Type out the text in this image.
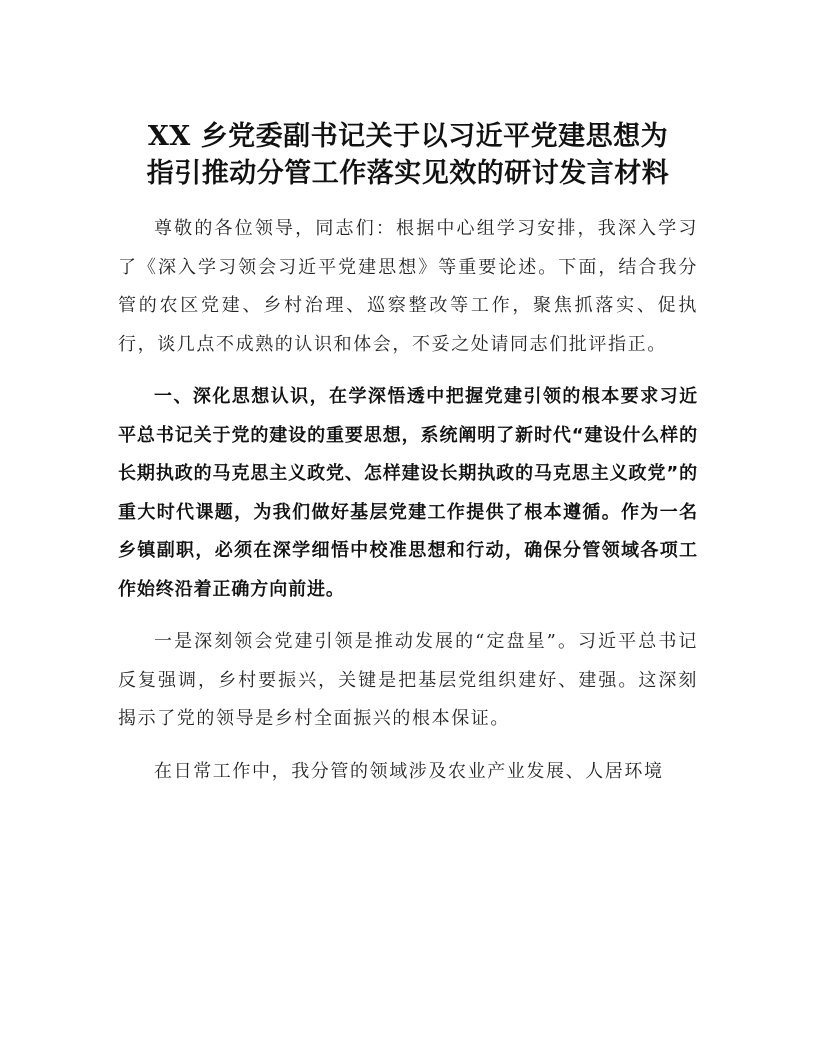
XX 乡党委副书记关于以习近平党建思想为
指引推动分管工作落实见效的研讨发言材料

尊敬的各位领导，同志们：根据中心组学习安排，我深入学习了《深入学习领会习近平党建思想》等重要论述。下面，结合我分管的农区党建、乡村治理、巡察整改等工作，聚焦抓落实、促执行，谈几点不成熟的认识和体会，不妥之处请同志们批评指正。

一、深化思想认识，在学深悟透中把握党建引领的根本要求习近平总书记关于党的建设的重要思想，系统阐明了新时代“建设什么样的长期执政的马克思主义政党、怎样建设长期执政的马克思主义政党”的重大时代课题，为我们做好基层党建工作提供了根本遵循。作为一名乡镇副职，必须在深学细悟中校准思想和行动，确保分管领域各项工作始终沿着正确方向前进。

一是深刻领会党建引领是推动发展的“定盘星”。习近平总书记反复强调，乡村要振兴，关键是把基层党组织建好、建强。这深刻揭示了党的领导是乡村全面振兴的根本保证。

在日常工作中，我分管的领域涉及农业产业发展、人居环境
